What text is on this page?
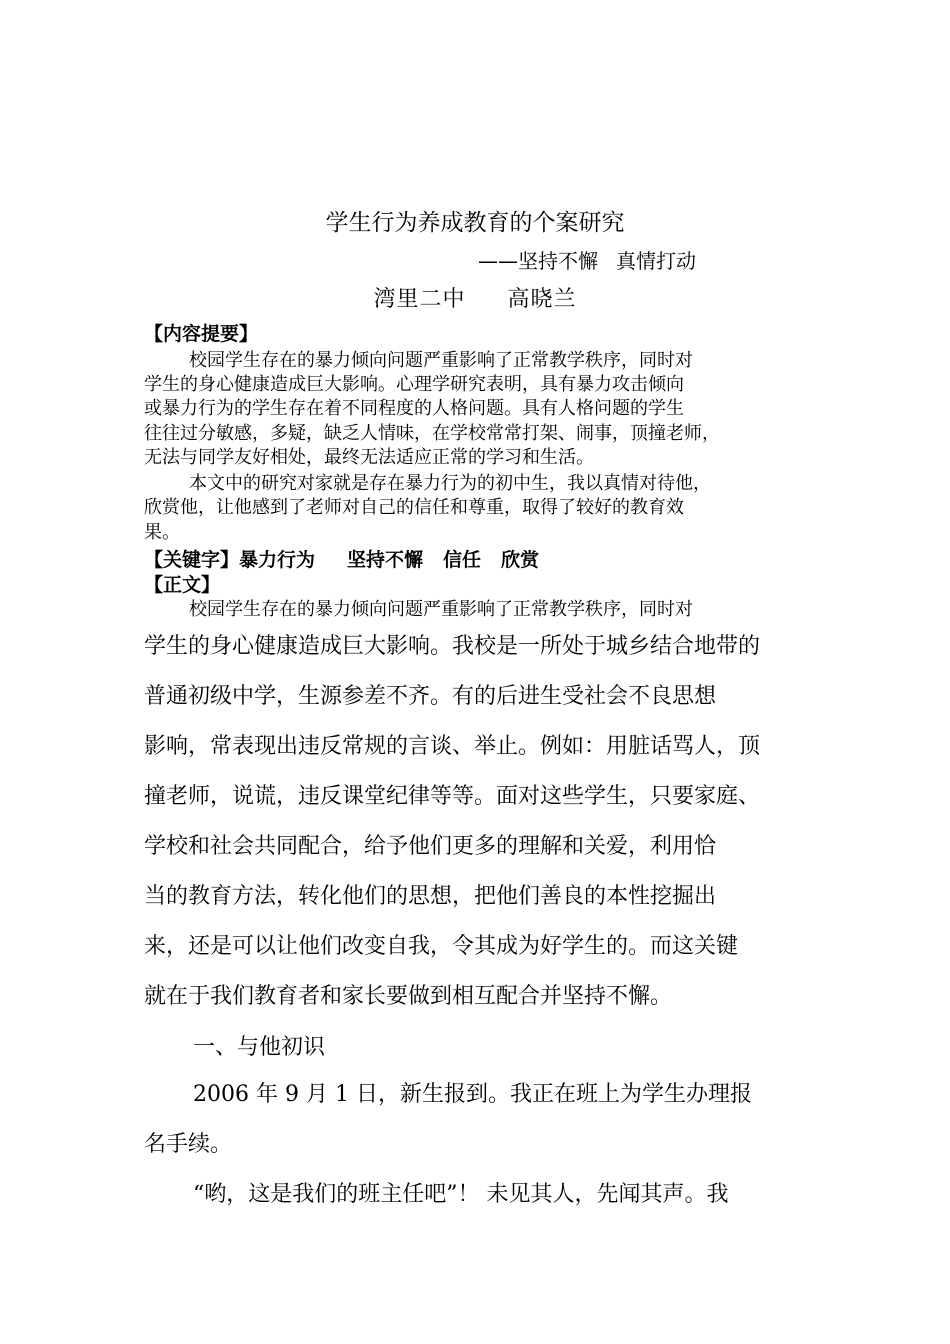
学生行为养成教育的个案研究
——坚持不懈 真情打动
湾里二中 高晓兰
【内容提要】
校园学生存在的暴力倾向问题严重影响了正常教学秩序，同时对
学生的身心健康造成巨大影响。心理学研究表明，具有暴力攻击倾向
或暴力行为的学生存在着不同程度的人格问题。具有人格问题的学生
往往过分敏感，多疑，缺乏人情味，在学校常常打架、闹事，顶撞老师，
无法与同学友好相处，最终无法适应正常的学习和生活。
本文中的研究对家就是存在暴力行为的初中生，我以真情对待他，
欣赏他，让他感到了老师对自己的信任和尊重，取得了较好的教育效
果。
【关键字】暴力行为 坚持不懈 信任 欣赏
【正文】
校园学生存在的暴力倾向问题严重影响了正常教学秩序，同时对
学生的身心健康造成巨大影响。我校是一所处于城乡结合地带的
普通初级中学，生源参差不齐。有的后进生受社会不良思想
影响，常表现出违反常规的言谈、举止。例如：用脏话骂人，顶
撞老师，说谎，违反课堂纪律等等。面对这些学生，只要家庭、
学校和社会共同配合，给予他们更多的理解和关爱，利用恰
当的教育方法，转化他们的思想，把他们善良的本性挖掘出
来，还是可以让他们改变自我，令其成为好学生的。而这关键
就在于我们教育者和家长要做到相互配合并坚持不懈。
一、与他初识
2006 年 9 月 1 日，新生报到。我正在班上为学生办理报
名手续。
“哟，这是我们的班主任吧”！ 未见其人，先闻其声。我
